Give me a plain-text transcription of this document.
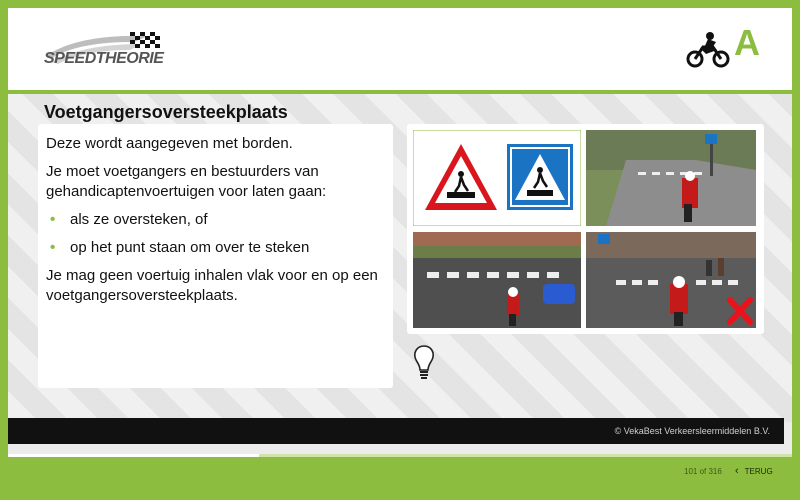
SPEEDTHEORIE	A
Voetgangersoversteekplaats

Deze wordt aangegeven met borden.

Je moet voetgangers en bestuurders van gehandicaptenvoertuigen voor laten gaan:

• als ze oversteken, of
• op het punt staan om over te steken

Je mag geen voertuig inhalen vlak voor en op een voetgangersoversteekplaats.

© VekaBest Verkeersleermiddelen B.V.
101 of 316 ‹ TERUG
